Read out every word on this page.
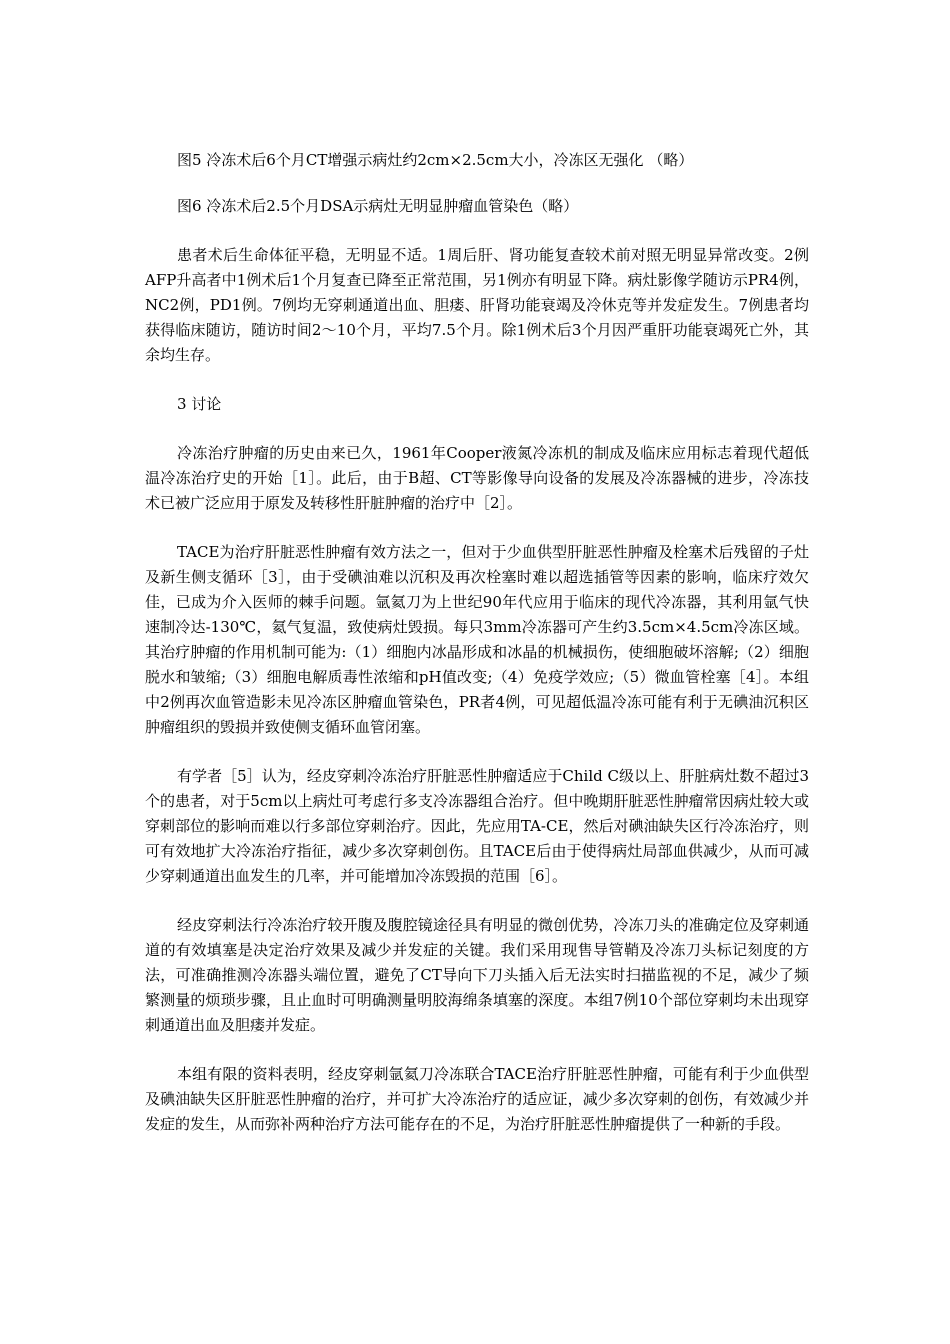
图5 冷冻术后6个月CT增强示病灶约2cm×2.5cm大小，冷冻区无强化 （略）

图6 冷冻术后2.5个月DSA示病灶无明显肿瘤血管染色（略）

患者术后生命体征平稳，无明显不适。1周后肝、肾功能复查较术前对照无明显异常改变。2例AFP升高者中1例术后1个月复查已降至正常范围，另1例亦有明显下降。病灶影像学随访示PR4例，NC2例，PD1例。7例均无穿刺通道出血、胆瘘、肝肾功能衰竭及冷休克等并发症发生。7例患者均获得临床随访，随访时间2～10个月，平均7.5个月。除1例术后3个月因严重肝功能衰竭死亡外，其余均生存。

3 讨论

冷冻治疗肿瘤的历史由来已久，1961年Cooper液氮冷冻机的制成及临床应用标志着现代超低温冷冻治疗史的开始［1］。此后，由于B超、CT等影像导向设备的发展及冷冻器械的进步，冷冻技术已被广泛应用于原发及转移性肝脏肿瘤的治疗中［2］。

TACE为治疗肝脏恶性肿瘤有效方法之一，但对于少血供型肝脏恶性肿瘤及栓塞术后残留的子灶及新生侧支循环［3］，由于受碘油难以沉积及再次栓塞时难以超选插管等因素的影响，临床疗效欠佳，已成为介入医师的棘手问题。氩氦刀为上世纪90年代应用于临床的现代冷冻器，其利用氩气快速制冷达-130℃，氦气复温，致使病灶毁损。每只3mm冷冻器可产生约3.5cm×4.5cm冷冻区域。其治疗肿瘤的作用机制可能为:（1）细胞内冰晶形成和冰晶的机械损伤，使细胞破坏溶解;（2）细胞脱水和皱缩;（3）细胞电解质毒性浓缩和pH值改变;（4）免疫学效应;（5）微血管栓塞［4］。本组中2例再次血管造影未见冷冻区肿瘤血管染色，PR者4例，可见超低温冷冻可能有利于无碘油沉积区肿瘤组织的毁损并致使侧支循环血管闭塞。

有学者［5］认为，经皮穿刺冷冻治疗肝脏恶性肿瘤适应于Child C级以上、肝脏病灶数不超过3个的患者，对于5cm以上病灶可考虑行多支冷冻器组合治疗。但中晚期肝脏恶性肿瘤常因病灶较大或穿刺部位的影响而难以行多部位穿刺治疗。因此，先应用TA-CE，然后对碘油缺失区行冷冻治疗，则可有效地扩大冷冻治疗指征，减少多次穿刺创伤。且TACE后由于使得病灶局部血供减少，从而可减少穿刺通道出血发生的几率，并可能增加冷冻毁损的范围［6］。

经皮穿刺法行冷冻治疗较开腹及腹腔镜途径具有明显的微创优势，冷冻刀头的准确定位及穿刺通道的有效填塞是决定治疗效果及减少并发症的关键。我们采用现售导管鞘及冷冻刀头标记刻度的方法，可准确推测冷冻器头端位置，避免了CT导向下刀头插入后无法实时扫描监视的不足，减少了频繁测量的烦琐步骤，且止血时可明确测量明胶海绵条填塞的深度。本组7例10个部位穿刺均未出现穿刺通道出血及胆瘘并发症。

本组有限的资料表明，经皮穿刺氩氦刀冷冻联合TACE治疗肝脏恶性肿瘤，可能有利于少血供型及碘油缺失区肝脏恶性肿瘤的治疗，并可扩大冷冻治疗的适应证，减少多次穿刺的创伤，有效减少并发症的发生，从而弥补两种治疗方法可能存在的不足，为治疗肝脏恶性肿瘤提供了一种新的手段。
